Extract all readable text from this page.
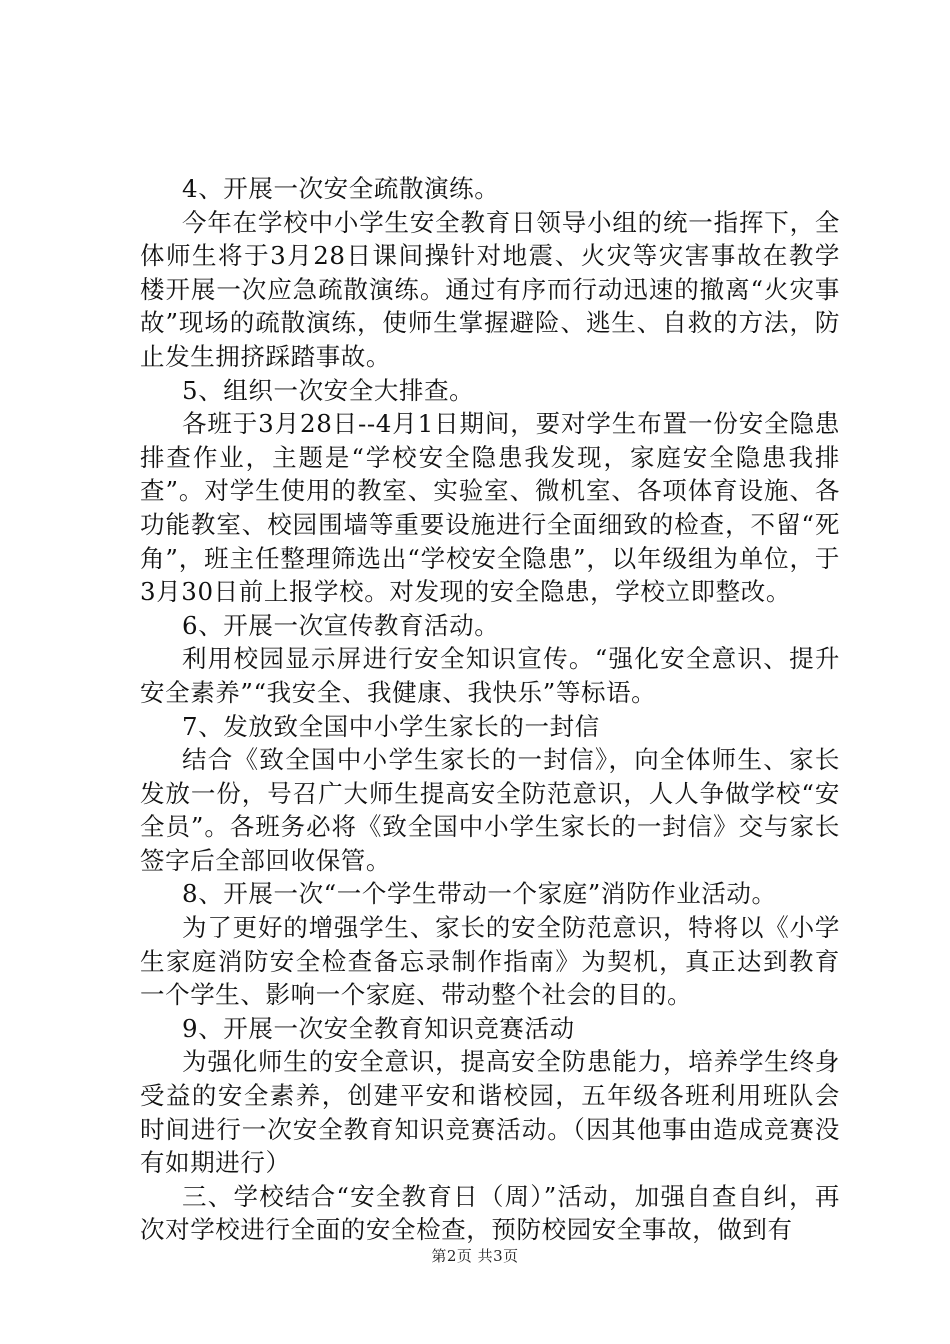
4、开展一次安全疏散演练。

今年在学校中小学生安全教育日领导小组的统一指挥下，全体师生将于3月28日课间操针对地震、火灾等灾害事故在教学楼开展一次应急疏散演练。通过有序而行动迅速的撤离“火灾事故”现场的疏散演练，使师生掌握避险、逃生、自救的方法，防止发生拥挤踩踏事故。

5、组织一次安全大排查。

各班于3月28日--4月1日期间，要对学生布置一份安全隐患排查作业，主题是“学校安全隐患我发现，家庭安全隐患我排查”。对学生使用的教室、实验室、微机室、各项体育设施、各功能教室、校园围墙等重要设施进行全面细致的检查，不留“死角”，班主任整理筛选出“学校安全隐患”，以年级组为单位，于3月30日前上报学校。对发现的安全隐患，学校立即整改。

6、开展一次宣传教育活动。

利用校园显示屏进行安全知识宣传。“强化安全意识、提升安全素养”“我安全、我健康、我快乐”等标语。

7、发放致全国中小学生家长的一封信

结合《致全国中小学生家长的一封信》，向全体师生、家长发放一份，号召广大师生提高安全防范意识，人人争做学校“安全员”。各班务必将《致全国中小学生家长的一封信》交与家长签字后全部回收保管。

8、开展一次“一个学生带动一个家庭”消防作业活动。

为了更好的增强学生、家长的安全防范意识，特将以《小学生家庭消防安全检查备忘录制作指南》为契机，真正达到教育一个学生、影响一个家庭、带动整个社会的目的。

9、开展一次安全教育知识竞赛活动

为强化师生的安全意识，提高安全防患能力，培养学生终身受益的安全素养，创建平安和谐校园，五年级各班利用班队会时间进行一次安全教育知识竞赛活动。（因其他事由造成竞赛没有如期进行）

三、学校结合“安全教育日（周）”活动，加强自查自纠，再次对学校进行全面的安全检查，预防校园安全事故，做到有

第2页 共3页
